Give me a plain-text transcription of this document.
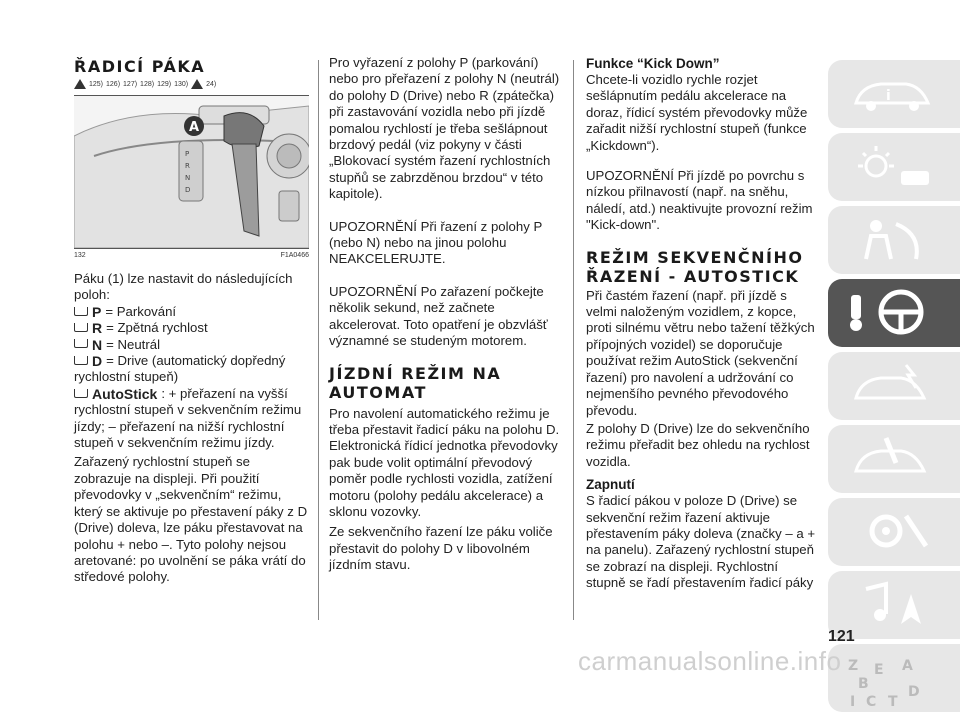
ŘADICÍ PÁKA
125) 126) 127) 128) 129) 130)	24)
P
R
N
D
A
132	F1A0466

Páku (1) lze nastavit do následujících poloh:

P = Parkování
R = Zpětná rychlost
N = Neutrál
D = Drive (automatický dopředný

rychlostní stupeň)

AutoStick : + přeřazení na vyšší

rychlostní stupeň v sekvenčním režimu jízdy; – přeřazení na nižší rychlostní stupeň v sekvenčním režimu jízdy.

Zařazený rychlostní stupeň se zobrazuje na displeji. Při použití převodovky v „sekvenčním“ režimu, který se aktivuje po přestavení páky z D (Drive) doleva, lze páku přestavovat na polohu + nebo –. Tyto polohy nejsou aretované: po uvolnění se páka vrátí do středové polohy.

Pro vyřazení z polohy P (parkování) nebo pro přeřazení z polohy N (neutrál) do polohy D (Drive) nebo R (zpátečka) při zastavování vozidla nebo při jízdě pomalou rychlostí je třeba sešlápnout brzdový pedál (viz pokyny v části „Blokovací systém řazení rychlostních stupňů se zabrzděnou brzdou“ v této kapitole).

UPOZORNĚNÍ Při řazení z polohy P (nebo N) nebo na jinou polohu NEAKCELERUJTE.

UPOZORNĚNÍ Po zařazení počkejte několik sekund, než začnete akcelerovat. Toto opatření je obzvlášť významné se studeným motorem.

JÍZDNÍ REŽIM NA AUTOMAT

Pro navolení automatického režimu je třeba přestavit řadicí páku na polohu D. Elektronická řídicí jednotka převodovky pak bude volit optimální převodový poměr podle rychlosti vozidla, zatížení motoru (polohy pedálu akcelerace) a sklonu vozovky.

Ze sekvenčního řazení lze páku voliče přestavit do polohy D v libovolném jízdním stavu.

Funkce “Kick Down”

Chcete-li vozidlo rychle rozjet sešlápnutím pedálu akcelerace na doraz, řídicí systém převodovky může zařadit nižší rychlostní stupeň (funkce „Kickdown“).

UPOZORNĚNÍ Při jízdě po povrchu s nízkou přilnavostí (např. na sněhu, náledí, atd.) neaktivujte provozní režim "Kick-down".

REŽIM SEKVENČNÍHO ŘAZENÍ - AUTOSTICK

Při častém řazení (např. při jízdě s velmi naloženým vozidlem, z kopce, proti silnému větru nebo tažení těžkých přípojných vozidel) se doporučuje používat režim AutoStick (sekvenční řazení) pro navolení a udržování co nejmenšího pevného převodového převodu.

Z polohy D (Drive) lze do sekvenčního režimu přeřadit bez ohledu na rychlost vozidla.

Zapnutí

S řadicí pákou v poloze D (Drive) se sekvenční režim řazení aktivuje přestavením páky doleva (značky – a + na panelu). Zařazený rychlostní stupeň se zobrazí na displeji. Rychlostní stupně se řadí přestavením řadicí páky

i
Z E A
B
I C T
D
121
carmanualsonline.info
